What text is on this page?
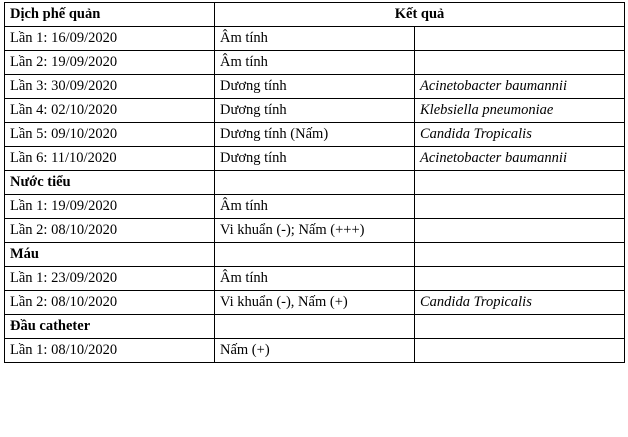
Dịch phế quản	Kết quả	
Lần 1: 16/09/2020	Âm tính	
Lần 2: 19/09/2020	Âm tính	
Lần 3: 30/09/2020	Dương tính	Acinetobacter baumannii
Lần 4: 02/10/2020	Dương tính	Klebsiella pneumoniae
Lần 5: 09/10/2020	Dương tính (Nấm)	Candida Tropicalis
Lần 6: 11/10/2020	Dương tính	Acinetobacter baumannii
Nước tiểu		
Lần 1: 19/09/2020	Âm tính	
Lần 2: 08/10/2020	Vi khuẩn (-); Nấm (+++)	
Máu		
Lần 1: 23/09/2020	Âm tính	
Lần 2: 08/10/2020	Vi khuẩn (-), Nấm (+)	Candida Tropicalis
Đầu catheter		
Lần 1: 08/10/2020	Nấm (+)	
